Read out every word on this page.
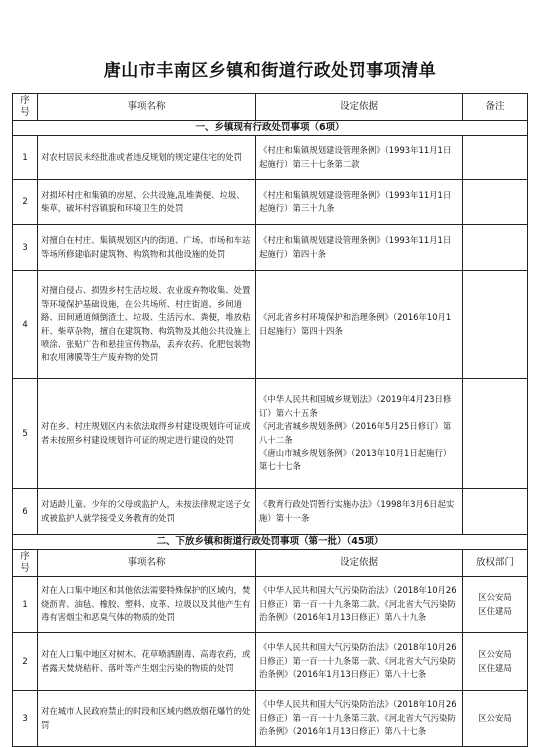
唐山市丰南区乡镇和街道行政处罚事项清单
序号	事项名称	设定依据	备注
一、乡镇现有行政处罚事项（6项）			
1	对农村居民未经批准或者违反规划的规定建住宅的处罚	《村庄和集镇规划建设管理条例》（1993年11月1日起施行）第三十七条第二款	

2	对损坏村庄和集镇的房屋、公共设施,乱堆粪便、垃圾、柴草，破坏村容镇貌和环境卫生的处罚	《村庄和集镇规划建设管理条例》（1993年11月1日起施行）第三十九条	

3	对擅自在村庄、集镇规划区内的街道、广场、市场和车站等场所修建临时建筑物、构筑物和其他设施的处罚	《村庄和集镇规划建设管理条例》（1993年11月1日起施行）第四十条	

4	对擅自侵占、损毁乡村生活垃圾、农业废弃物收集、处置等环境保护基础设施，在公共场所、村庄街道、乡间道路、田间通道倾倒渣土、垃圾、生活污水、粪便，堆放秸秆、柴草杂物，擅自在建筑物、构筑物及其他公共设施上喷涂、张贴广告和悬挂宣传物品，丢弃农药、化肥包装物和农用薄膜等生产废弃物的处罚	《河北省乡村环境保护和治理条例》（2016年10月1日起施行）第四十四条	

5	对在乡、村庄规划区内未依法取得乡村建设规划许可证或者未按照乡村建设规划许可证的规定进行建设的处罚	《中华人民共和国城乡规划法》（2019年4月23日修订）第六十五条
《河北省城乡规划条例》（2016年5月25日修订）第八十二条
《唐山市城乡规划条例》（2013年10月1日起施行）第七十七条	

6	对适龄儿童、少年的父母或监护人，未按法律规定送子女或被监护人就学接受义务教育的处罚	《教育行政处罚暂行实施办法》（1998年3月6日起实施）第十一条	

二、下放乡镇和街道行政处罚事项（第一批）（45项）			
序号	事项名称	设定依据	放权部门
1	对在人口集中地区和其他依法需要特殊保护的区域内，焚烧沥青、油毡、橡胶、塑料、皮革、垃圾以及其他产生有毒有害烟尘和恶臭气体的物质的处罚	《中华人民共和国大气污染防治法》（2018年10月26日修正）第一百一十九条第二款、《河北省大气污染防治条例》（2016年1月13日修正）第八十九条	区公安局
区住建局

2	对在人口集中地区对树木、花草喷洒剧毒、高毒农药，或者露天焚烧秸秆、落叶等产生烟尘污染的物质的处罚	《中华人民共和国大气污染防治法》（2018年10月26日修正）第一百一十九条第一款、《河北省大气污染防治条例》（2016年1月13日修正）第八十七条	区公安局
区住建局

3	对在城市人民政府禁止的时段和区域内燃放烟花爆竹的处罚	《中华人民共和国大气污染防治法》（2018年10月26日修正）第一百一十九条第三款、《河北省大气污染防治条例》（2016年1月13日修正）第八十七条	区公安局
